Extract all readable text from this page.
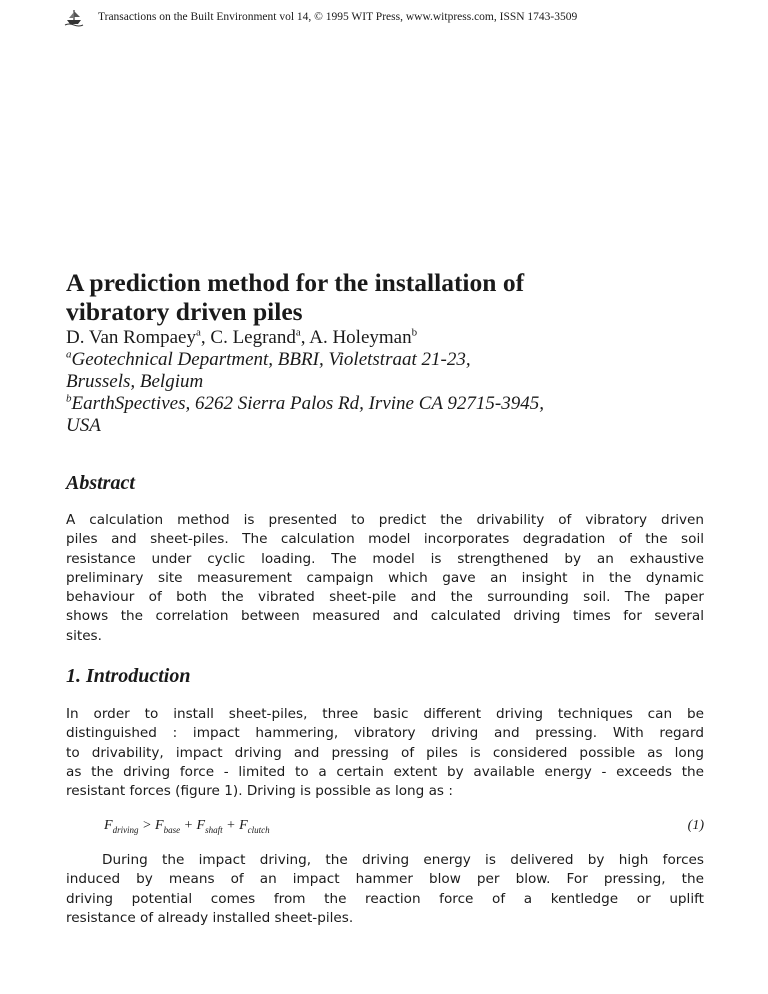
Transactions on the Built Environment vol 14, © 1995 WIT Press, www.witpress.com, ISSN 1743-3509
A prediction method for the installation of
vibratory driven piles
D. Van Rompaey$^a$, C. Legrand$^a$, A. Holeyman$^b$
$^a$Geotechnical Department, BBRI, Violetstraat 21-23,
Brussels, Belgium
$^b$EarthSpectives, 6262 Sierra Palos Rd, Irvine CA 92715-3945,
USA
Abstract

A calculation method is presented to predict the drivability of vibratory driven
piles and sheet-piles. The calculation model incorporates degradation of the soil
resistance under cyclic loading. The model is strengthened by an exhaustive
preliminary site measurement campaign which gave an insight in the dynamic
behaviour of both the vibrated sheet-pile and the surrounding soil. The paper
shows the correlation between measured and calculated driving times for several
sites.

1. Introduction

In order to install sheet-piles, three basic different driving techniques can be
distinguished : impact hammering, vibratory driving and pressing. With regard
to drivability, impact driving and pressing of piles is considered possible as long
as the driving force - limited to a certain extent by available energy - exceeds the
resistant forces (figure 1). Driving is possible as long as :

$F_{driving} > F_{base} + F_{shaft} + F_{clutch}$	(1)

During the impact driving, the driving energy is delivered by high forces
induced by means of an impact hammer blow per blow. For pressing, the
driving potential comes from the reaction force of a kentledge or uplift
resistance of already installed sheet-piles.
